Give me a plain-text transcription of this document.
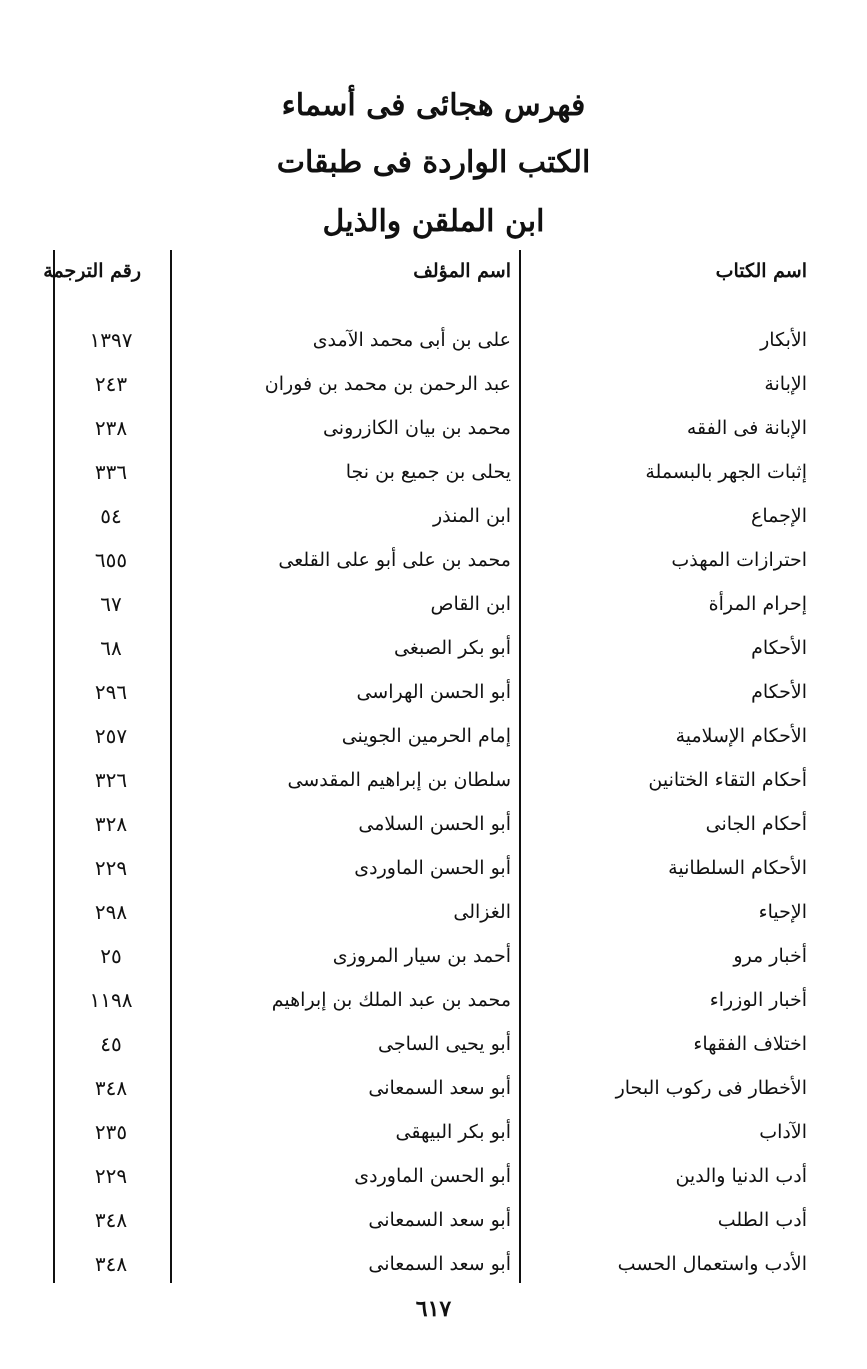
فهرس هجائى فى أسماء
الكتب الواردة فى طبقات
ابن الملقن والذيل
اسم الكتاب
اسم المؤلف
رقم الترجمة
الأبكار
على بن أبى محمد الآمدى
١٣٩٧
الإبانة
عبد الرحمن بن محمد بن فوران
٢٤٣
الإبانة فى الفقه
محمد بن بيان الكازرونى
٢٣٨
إثبات الجهر بالبسملة
يحلى بن جميع بن نجا
٣٣٦
الإجماع
ابن المنذر
٥٤
احترازات المهذب
محمد بن على أبو على القلعى
٦٥٥
إحرام المرأة
ابن القاص
٦٧
الأحكام
أبو بكر الصبغى
٦٨
الأحكام
أبو الحسن الهراسى
٢٩٦
الأحكام الإسلامية
إمام الحرمين الجوينى
٢٥٧
أحكام التقاء الختانين
سلطان بن إبراهيم المقدسى
٣٢٦
أحكام الجانى
أبو الحسن السلامى
٣٢٨
الأحكام السلطانية
أبو الحسن الماوردى
٢٢٩
الإحياء
الغزالى
٢٩٨
أخبار مرو
أحمد بن سيار المروزى
٢٥
أخبار الوزراء
محمد بن عبد الملك بن إبراهيم
١١٩٨
اختلاف الفقهاء
أبو يحيى الساجى
٤٥
الأخطار فى ركوب البحار
أبو سعد السمعانى
٣٤٨
الآداب
أبو بكر البيهقى
٢٣٥
أدب الدنيا والدين
أبو الحسن الماوردى
٢٢٩
أدب الطلب
أبو سعد السمعانى
٣٤٨
الأدب واستعمال الحسب
أبو سعد السمعانى
٣٤٨
٦١٧
